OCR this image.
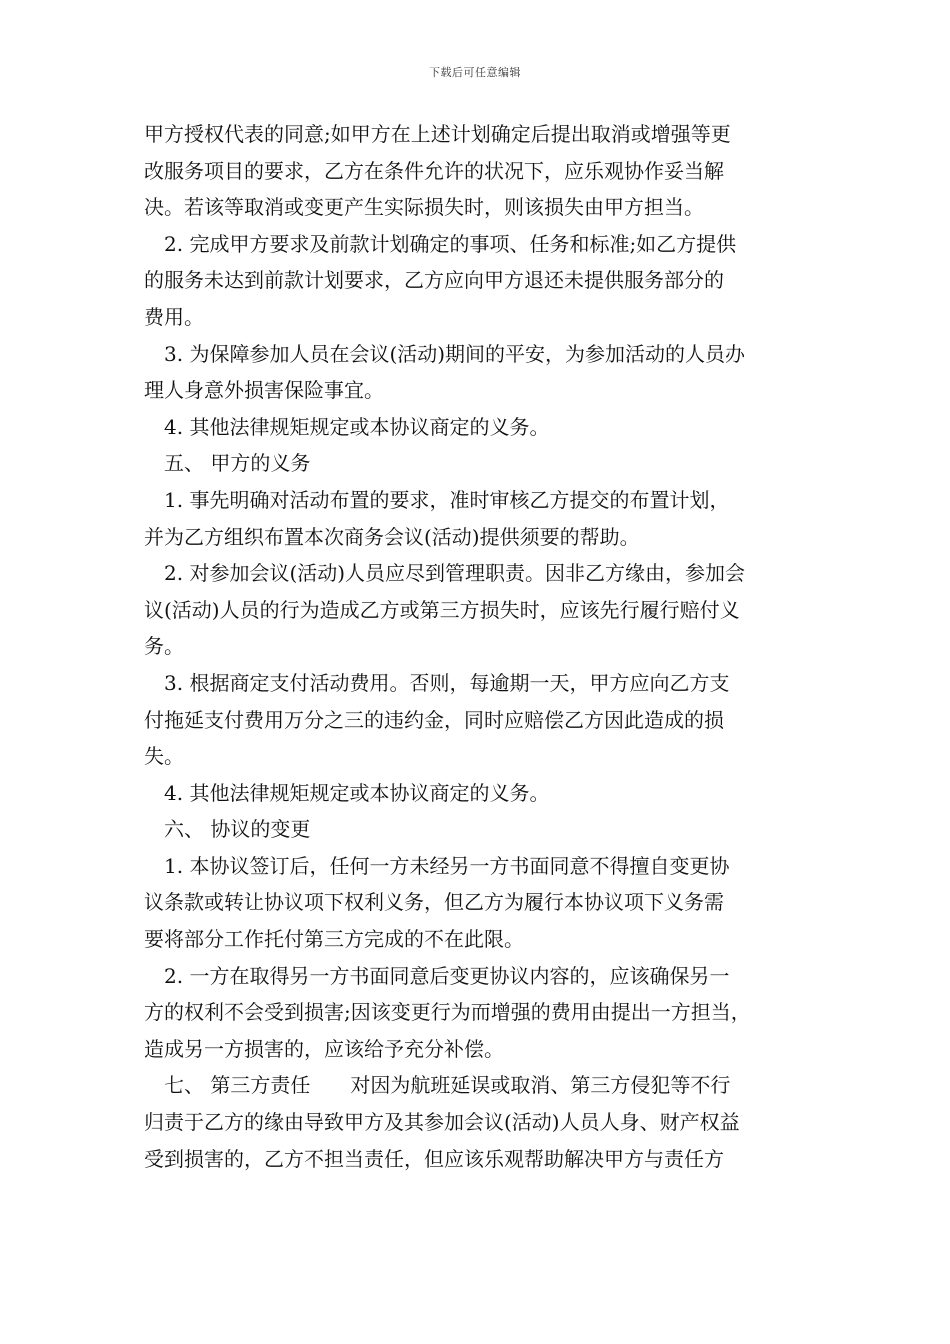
下载后可任意编辑
甲方授权代表的同意;如甲方在上述计划确定后提出取消或增强等更
改服务项目的要求，乙方在条件允许的状况下，应乐观协作妥当解
决。若该等取消或变更产生实际损失时，则该损失由甲方担当。
　2. 完成甲方要求及前款计划确定的事项、任务和标准;如乙方提供
的服务未达到前款计划要求，乙方应向甲方退还未提供服务部分的
费用。
　3. 为保障参加人员在会议(活动)期间的平安，为参加活动的人员办
理人身意外损害保险事宜。
　4. 其他法律规矩规定或本协议商定的义务。
　五、 甲方的义务
　1. 事先明确对活动布置的要求，准时审核乙方提交的布置计划，
并为乙方组织布置本次商务会议(活动)提供须要的帮助。
　2. 对参加会议(活动)人员应尽到管理职责。因非乙方缘由，参加会
议(活动)人员的行为造成乙方或第三方损失时，应该先行履行赔付义
务。
　3. 根据商定支付活动费用。否则，每逾期一天，甲方应向乙方支
付拖延支付费用万分之三的违约金，同时应赔偿乙方因此造成的损
失。
　4. 其他法律规矩规定或本协议商定的义务。
　六、 协议的变更
　1. 本协议签订后，任何一方未经另一方书面同意不得擅自变更协
议条款或转让协议项下权利义务，但乙方为履行本协议项下义务需
要将部分工作托付第三方完成的不在此限。
　2. 一方在取得另一方书面同意后变更协议内容的，应该确保另一
方的权利不会受到损害;因该变更行为而增强的费用由提出一方担当，
造成另一方损害的，应该给予充分补偿。
　七、 第三方责任　　对因为航班延误或取消、第三方侵犯等不行
归责于乙方的缘由导致甲方及其参加会议(活动)人员人身、财产权益
受到损害的，乙方不担当责任，但应该乐观帮助解决甲方与责任方
